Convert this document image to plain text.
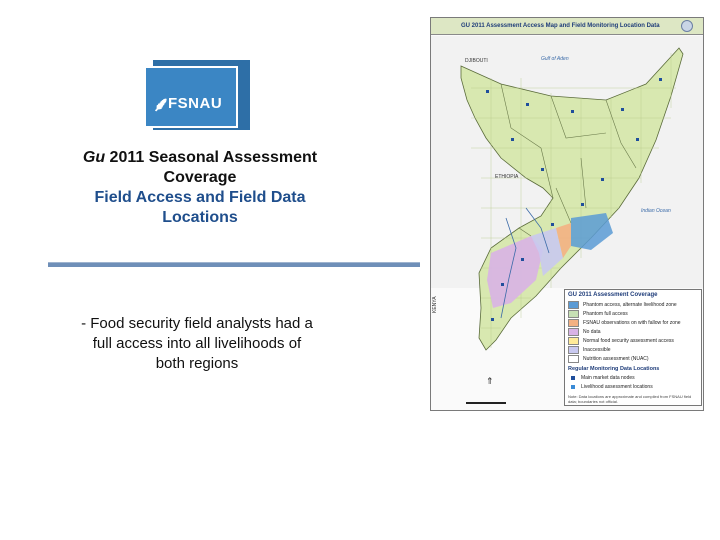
⸙ FSNAU
Gu 2011 Seasonal Assessment
Coverage
Field Access and Field Data
Locations
- Food security field analysts had a
full access into all livelihoods of
both regions
GU 2011 Assessment Access Map and Field Monitoring Location Data
DJIBOUTI	Gulf of Aden
ETHIOPIA
Indian Ocean
KENYA
GU 2011 Assessment Coverage
Phantom access, alternate livelihood zone
Phantom full access
FSNAU observations on with fallow for zone
No data
Normal food security assessment access
Inaccessible
Nutrition assessment (NUAC)
Regular Monitoring Data Locations
Main market data nodes
Livelihood assessment locations
Note: Data locations are approximate and compiled from FSNAU field data; boundaries not official.
⇑
